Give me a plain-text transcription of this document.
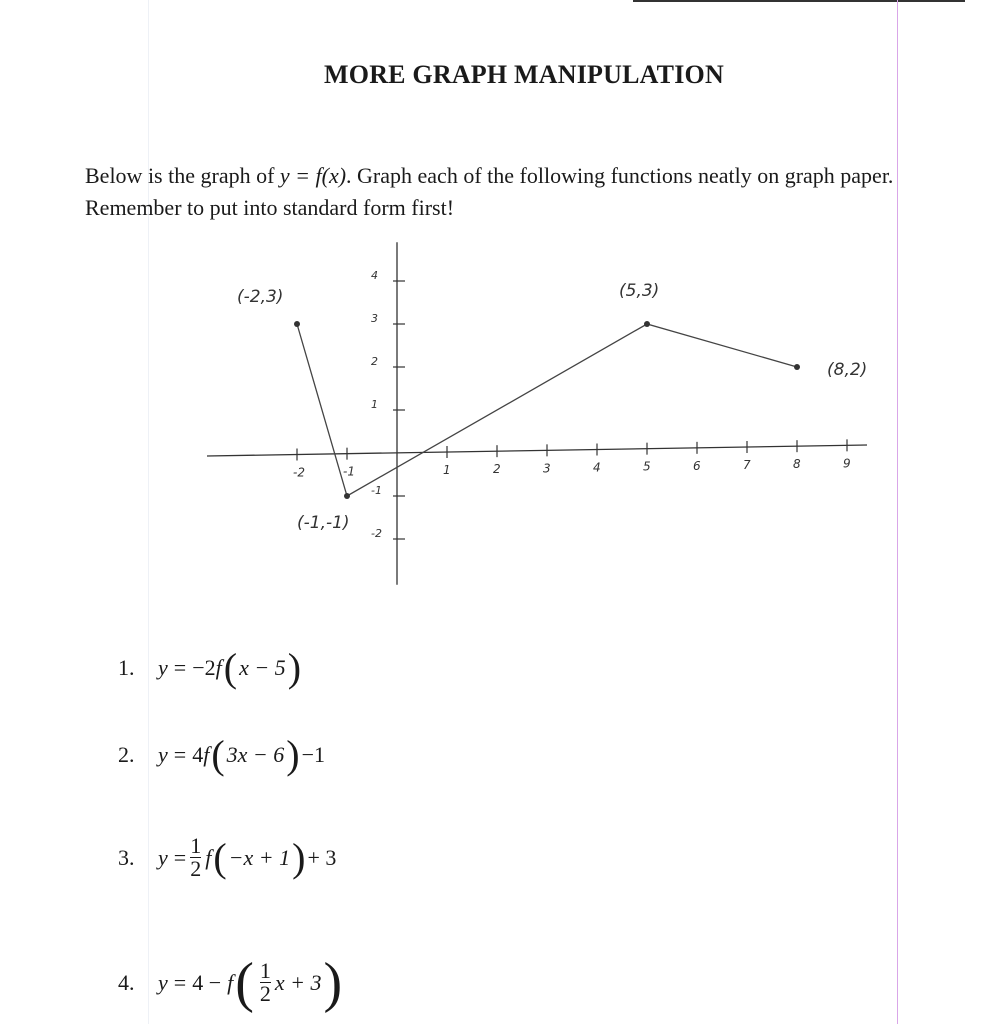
MORE GRAPH MANIPULATION
Below is the graph of y = f(x). Graph each of the following functions neatly on graph paper. Remember to put into standard form first!
-2	-1	1	2	3	4	5	6	7	8	9
4
3
2
1
-1
-2
(-2,3)
(-1,-1)
(5,3)
(8,2)
1.	y = −2 f ( x − 5 )
2.	y = 4 f ( 3x − 6 ) −1
3.	$y = \frac{1}{2}$ f ( −x + 1 ) + 3
4.	y = 4 − f ( $\frac{1}{2}$ x + 3 )
